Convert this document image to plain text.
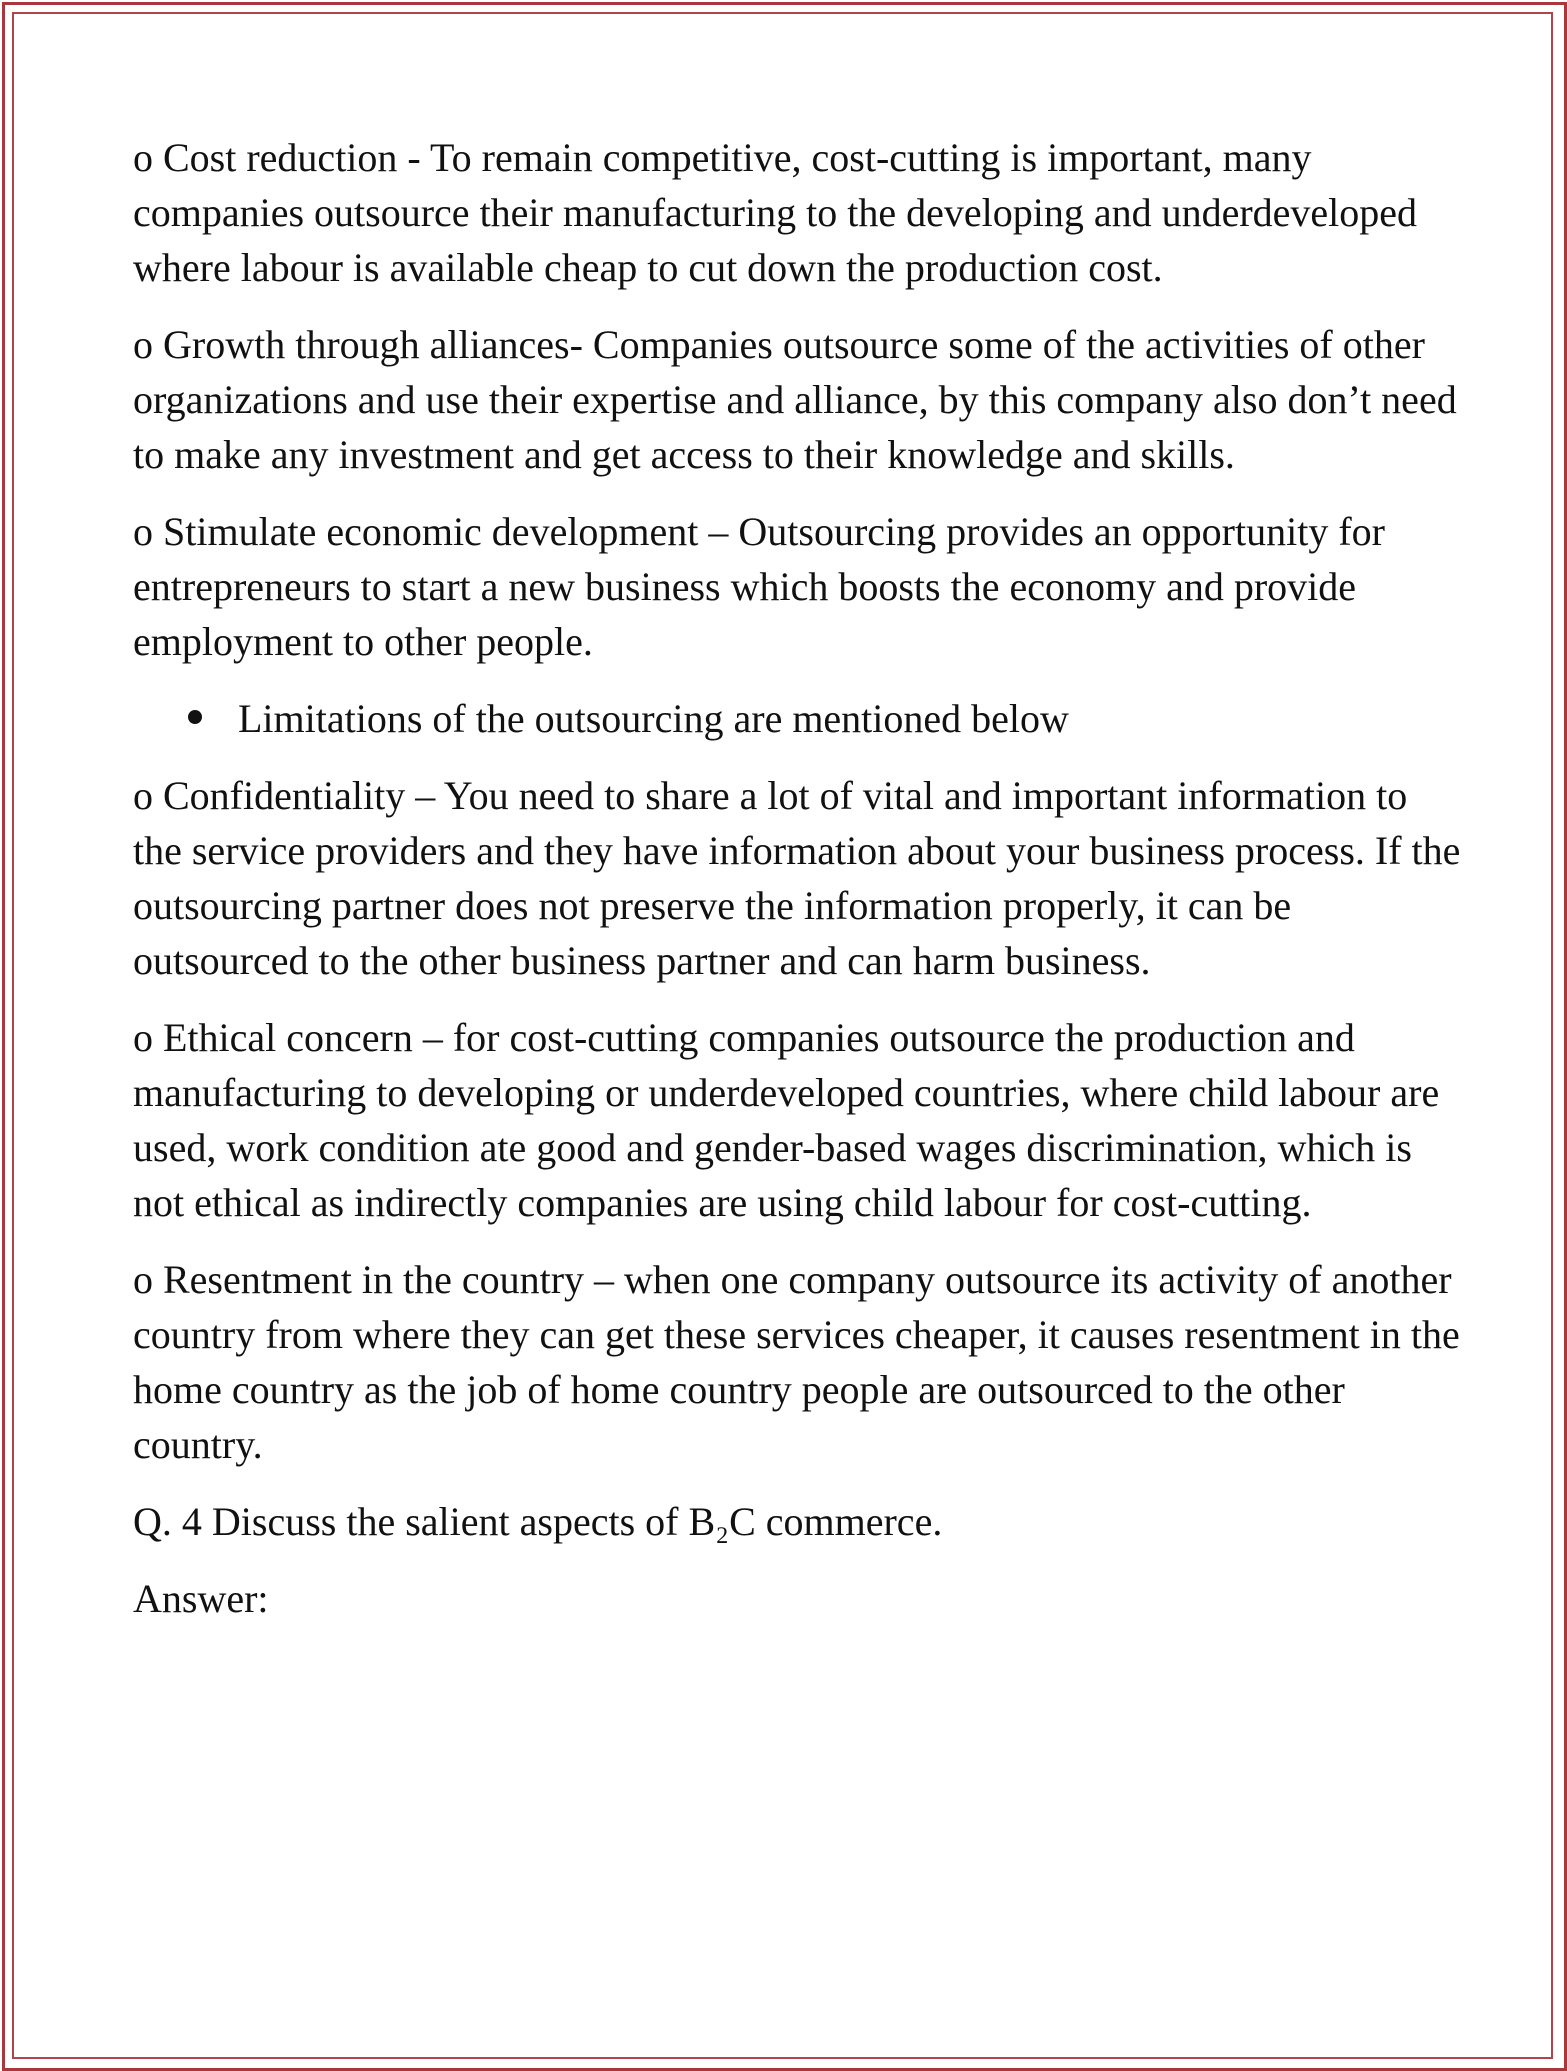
o Cost reduction - To remain competitive, cost-cutting is important, many companies outsource their manufacturing to the developing and underdeveloped where labour is available cheap to cut down the production cost.

o Growth through alliances- Companies outsource some of the activities of other organizations and use their expertise and alliance, by this company also don’t need to make any investment and get access to their knowledge and skills.

o Stimulate economic development – Outsourcing provides an opportunity for entrepreneurs to start a new business which boosts the economy and provide employment to other people.

Limitations of the outsourcing are mentioned below

o Confidentiality – You need to share a lot of vital and important information to the service providers and they have information about your business process. If the outsourcing partner does not preserve the information properly, it can be outsourced to the other business partner and can harm business.

o Ethical concern – for cost-cutting companies outsource the production and manufacturing to developing or underdeveloped countries, where child labour are used, work condition ate good and gender-based wages discrimination, which is not ethical as indirectly companies are using child labour for cost-cutting.

o Resentment in the country – when one company outsource its activity of another country from where they can get these services cheaper, it causes resentment in the home country as the job of home country people are outsourced to the other country.

Q. 4 Discuss the salient aspects of B₂C commerce.

Answer:
